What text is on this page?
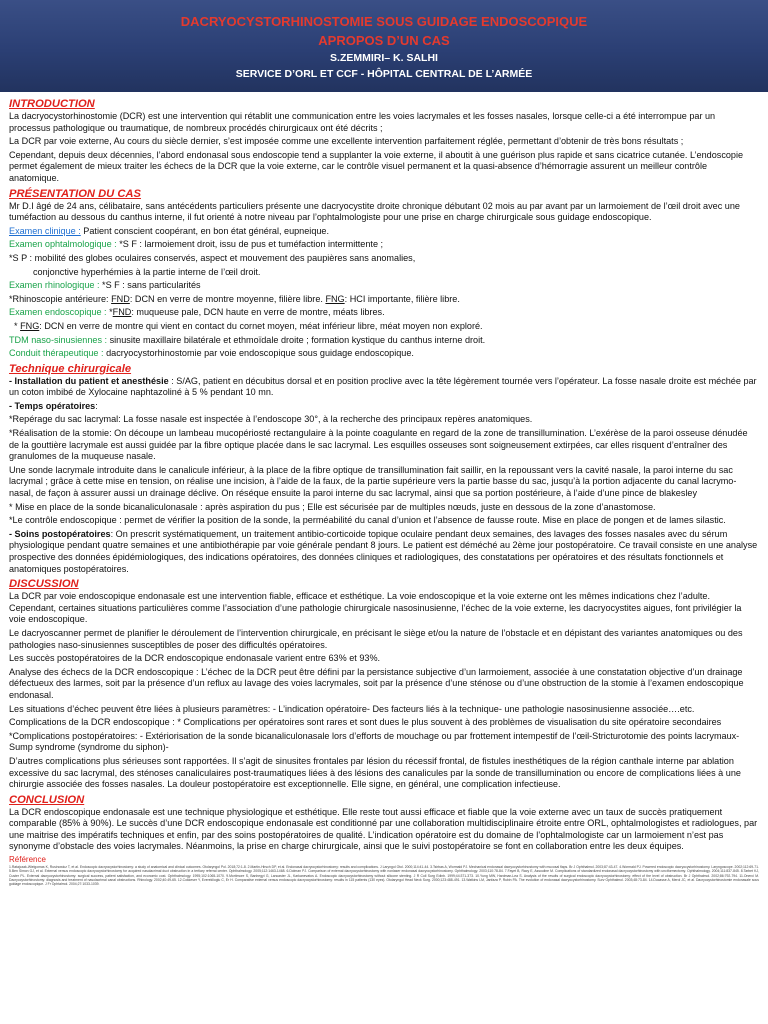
DACRYOCYSTORHINOSTOMIE SOUS GUIDAGE ENDOSCOPIQUE
APROPOS D’UN CAS
S.ZEMMIRI– K. SALHI
SERVICE D’ORL ET CCF - HÔPITAL CENTRAL DE L’ARMÉE
INTRODUCTION

La dacryocystorhinostomie (DCR) est une intervention qui rétablit une communication entre les voies lacrymales et les fosses nasales, lorsque celle-ci a été interrompue par un processus pathologique ou traumatique, de nombreux procédés chirurgicaux ont été décrits ;

La DCR par voie externe, Au cours du siècle dernier, s’est imposée comme une excellente intervention parfaitement réglée, permettant d’obtenir de très bons résultats ;

Cependant, depuis deux décennies, l’abord endonasal sous endoscopie tend a supplanter la voie externe, il aboutit à une guérison plus rapide et sans cicatrice cutanée. L’endoscopie permet également de mieux traiter les échecs de la DCR que la voie externe, car le contrôle visuel permanent et la quasi-absence d’hémorragie assurent un meilleur contrôle anatomique.

PRÉSENTATION DU CAS

Mr D.I âgé de 24 ans, célibataire, sans antécédents particuliers présente une dacryocystite droite chronique débutant 02 mois au par avant par un larmoiement de l’œil droit avec une tuméfaction au dessous du canthus interne, il fut orienté à notre niveau par l’ophtalmologiste pour une prise en charge chirurgicale sous guidage endoscopique.

Examen clinique : Patient conscient coopérant, en bon état général, eupneique.

Examen ophtalmologique : *S F : larmoiement droit, issu de pus et tuméfaction intermittente ;

*S P : mobilité des globes oculaires conservés, aspect et mouvement des paupières sans anomalies,

conjonctive hyperhémies à la partie interne de l’œil droit.

Examen rhinologique : *S F : sans particularités

*Rhinoscopie antérieure: FND: DCN en verre de montre moyenne, filière libre. FNG: HCI importante, filière libre.

Examen endoscopique : *FND: muqueuse pale, DCN haute en verre de montre, méats libres.

* FNG: DCN en verre de montre qui vient en contact du cornet moyen, méat inférieur libre, méat moyen non exploré.

TDM naso-sinusiennes : sinusite maxillaire bilatérale et ethmoïdale droite ; formation kystique du canthus interne droit.

Conduit thérapeutique : dacryocystorhinostomie par voie endoscopique sous guidage endoscopique.

Technique chirurgicale

- Installation du patient et anesthésie : S/AG, patient en décubitus dorsal et en position proclive avec la tête légèrement tournée vers l’opérateur. La fosse nasale droite est méchée par un coton imbibé de Xylocaine naphtazoliné à 5 % pendant 10 mn.

- Temps opératoires:

*Repérage du sac lacrymal: La fosse nasale est inspectée à l’endoscope 30°, à la recherche des principaux repères anatomiques.

*Réalisation de la stomie: On découpe un lambeau mucopériosté rectangulaire à la pointe coagulante en regard de la zone de transillumination. L’exérèse de la paroi osseuse dénudée de la gouttière lacrymale est aussi guidée par la fibre optique placée dans le sac lacrymal. Les esquilles osseuses sont soigneusement extirpées, car elles risquent d’entraîner des granulomes de la muqueuse nasale.

Une sonde lacrymale introduite dans le canalicule inférieur, à la place de la fibre optique de transillumination fait saillir, en la repoussant vers la cavité nasale, la paroi interne du sac lacrymal ; grâce à cette mise en tension, on réalise une incision, à l’aide de la faux, de la partie supérieure vers la partie basse du sac, jusqu’à la portion adjacente du canal lacrymo-nasal, de façon à assurer aussi un drainage déclive. On réséque ensuite la paroi interne du sac lacrymal, ainsi que sa portion postérieure, à l’aide d’une pince de blakesley

* Mise en place de la sonde bicanaliculonasale : après aspiration du pus ; Elle est sécurisée par de multiples nœuds, juste en dessous de la zone d’anastomose.

*Le contrôle endoscopique : permet de vérifier la position de la sonde, la perméabilité du canal d’union et l’absence de fausse route. Mise en place de pongen et de lames silastic.

- Soins postopératoires: On prescrit systématiquement, un traitement antibio-corticoide topique oculaire pendant deux semaines, des lavages des fosses nasales avec du sérum physiologique pendant quatre semaines et une antibiothérapie par voie générale pendant 8 jours. Le patient est déméché au 2ème jour postopératoire. Ce travail consiste en une analyse prospective des données épidémiologiques, des indications opératoires, des données cliniques et radiologiques, des constatations per opératoires et des résultats fonctionnels et anatomiques postopératoires.

DISCUSSION

La DCR par voie endoscopique endonasale est une intervention fiable, efficace et esthétique. La voie endoscopique et la voie externe ont les mêmes indications chez l’adulte. Cependant, certaines situations particulières comme l’association d’une pathologie chirurgicale nasosinusienne, l’échec de la voie externe, les dacryocystites aigues, font privilégier la voie endoscopique.

Le dacryoscanner permet de planifier le déroulement de l’intervention chirurgicale, en précisant le siège et/ou la nature de l’obstacle et en dépistant des variantes anatomiques ou des pathologies naso-sinusiennes susceptibles de poser des difficultés opératoires.

Les succès postopératoires de la DCR endoscopique endonasale varient entre 63% et 93%.

Analyse des échecs de la DCR endoscopique : L’échec de la DCR peut être défini par la persistance subjective d’un larmoiement, associée à une constatation objective d’un drainage défectueux des larmes, soit par la présence d’un reflux au lavage des voies lacrymales, soit par la présence d’une sténose ou d’une obstruction de la stomie à l’examen endoscopique endonasal.

Les situations d’échec peuvent être liées à plusieurs paramètres: - L’indication opératoire- Des facteurs liés à la technique- une pathologie nasosinusienne associée….etc.

Complications de la DCR endoscopique : * Complications per opératoires sont rares et sont dues le plus souvent à des problèmes de visualisation du site opératoire secondaires

*Complications postopératoires: - Extériorisation de la sonde bicanaliculonasale lors d’efforts de mouchage ou par frottement intempestif de l’œil-Stricturotomie des points lacrymaux-Sump syndrome (syndrome du siphon)-

D’autres complications plus sérieuses sont rapportées. Il s’agit de sinusites frontales par lésion du récessif frontal, de fistules inesthétiques de la région canthale interne par ablation excessive du sac lacrymal, des sténoses canaliculaires post-traumatiques liées à des lésions des canalicules par la sonde de transillumination ou encore de complications liées à une chirurgie associée des fosses nasales. La douleur postopératoire est exceptionnelle. Elle signe, en général, une complication infectieuse.

CONCLUSION

La DCR endoscopique endonasale est une technique physiologique et esthétique. Elle reste tout aussi efficace et fiable que la voie externe avec un taux de succès pratiquement comparable (85% à 90%). Le succès d’une DCR endoscopique endonasale est conditionné par une collaboration multidisciplinaire étroite entre ORL, ophtalmologistes et radiologues, par une maitrise des impératifs techniques et enfin, par des soins postopératoires de qualité. L’indication opératoire est du domaine de l’ophtalmologiste car un larmoiement n’est pas synonyme d’obstacle des voies lacrymales. Néanmoins, la prise en charge chirurgicale, ainsi que le suivi postopératoire se font en collaboration entre les deux équipes.

Référence
1.Ratajczak-Wielgomas K, Rusinowicz T, et al. Endoscopic dacryocystorhinostomy: a study of anatomical and clinical outcomes. Otolaryngol Pol. 2018;72:1-8. 2.Martin-Hirsch DP, et al. Endonasal dacryocystorhinostomy: results and complications. J Laryngol Otol. 2000;114:41-44. 3.Tsirbas A, Wormald PJ. Mechanical endonasal dacryocystorhinostomy with mucosal flaps. Br J Ophthalmol. 2003;87:43-47. 4.Wormald PJ. Powered endoscopic dacryocystorhinostomy. Laryngoscope. 2002;112:69-71. 5.Ben Simon GJ, et al. External versus endoscopic dacryocystorhinostomy for acquired nasolacrimal duct obstruction in a tertiary referral center. Ophthalmology. 2005;112:1463-1468. 6.Dolman PJ. Comparison of external dacryocystorhinostomy with nonlaser endonasal dacryocystorhinostomy. Ophthalmology. 2003;110:78-84. 7.Fayet B, Racy E, Assouline M. Complications of standardized endonasal dacryocystorhinostomy with unciformectomy. Ophthalmology. 2004;111:837-845. 8.Tarbet KJ, Custer PL. External dacryocystorhinostomy: surgical success, patient satisfaction, and economic cost. Ophthalmology. 1995;102:1065-1070. 9.Mortimore S, Banhegyi G, Lancaster JL, Karkanevatos A. Endoscopic dacryocystorhinostomy without silicone stenting. J R Coll Surg Edinb. 1999;44:371-373. 10.Yung MW, Hardman-Lea S. Analysis of the results of surgical endoscopic dacryocystorhinostomy: effect of the level of obstruction. Br J Ophthalmol. 2002;86:792-794. 11.Onerci M. Dacryocystorhinostomy: diagnosis and treatment of nasolacrimal canal obstructions. Rhinology. 2002;40:49-65. 12.Cokkeser Y, Evereklioglu C, Er H. Comparative external versus endoscopic dacryocystorhinostomy: results in 115 patients (130 eyes). Otolaryngol Head Neck Surg. 2000;123:488-491. 13.Watkins LM, Janfaza P, Rubin PA. The evolution of endonasal dacryocystorhinostomy. Surv Ophthalmol. 2003;48:73-84. 14.Ducasse A, Merol JC, et al. Dacryocystorhinostomie endonasale sous guidage endoscopique. J Fr Ophtalmol. 2004;27:1033-1039.
